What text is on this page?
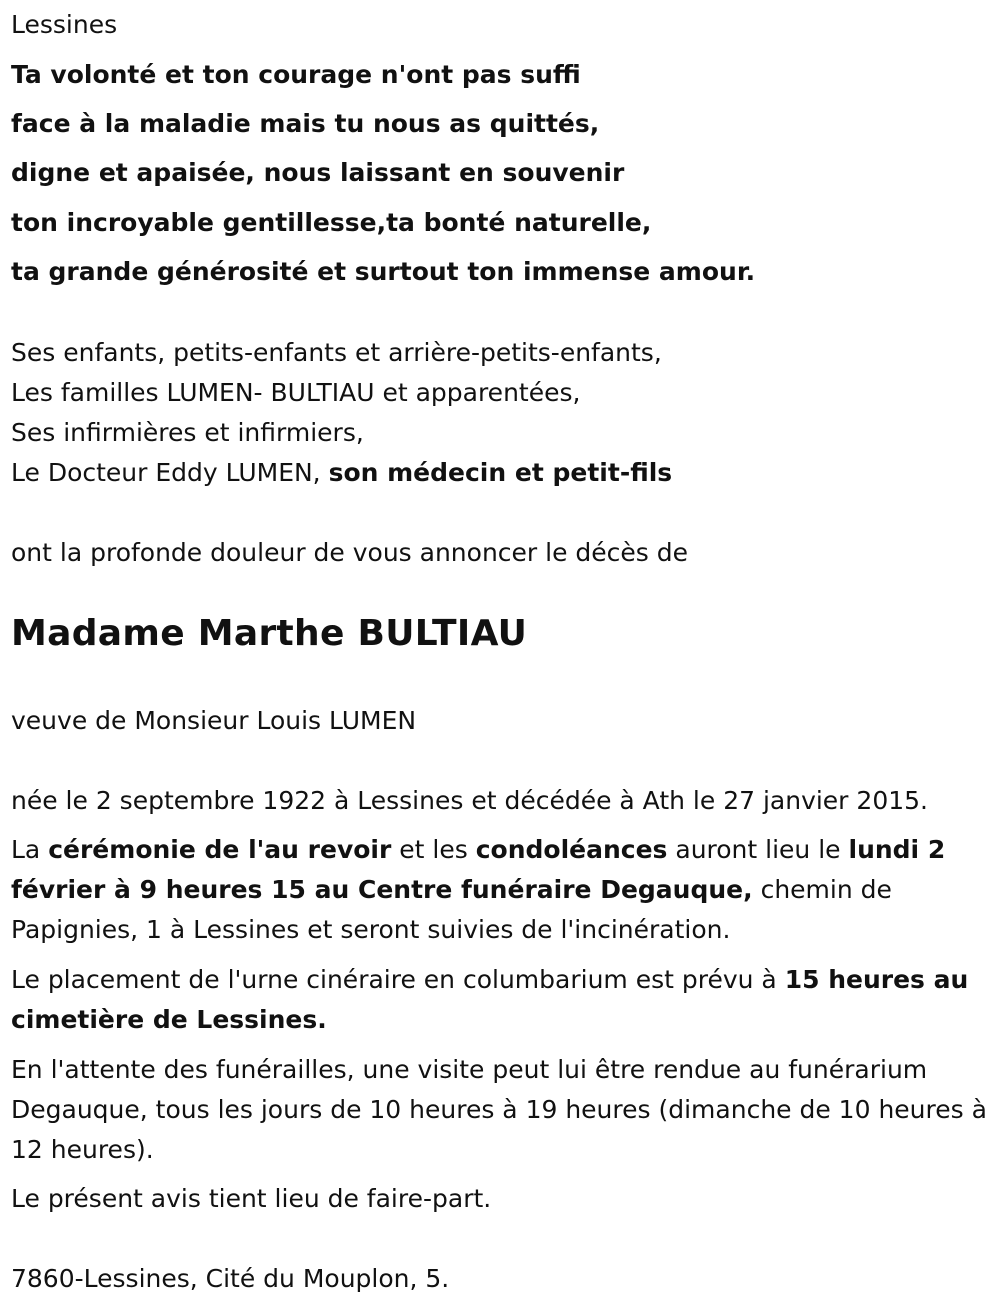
Lessines

Ta volonté et ton courage n'ont pas suffi

face à la maladie mais tu nous as quittés,

digne et apaisée, nous laissant en souvenir

ton incroyable gentillesse,ta bonté naturelle,

ta grande générosité et surtout ton immense amour.

Ses enfants, petits-enfants et arrière-petits-enfants,

Les familles LUMEN- BULTIAU et apparentées,

Ses infirmières et infirmiers,

Le Docteur Eddy LUMEN, son médecin et petit-fils

ont la profonde douleur de vous annoncer le décès de

Madame Marthe BULTIAU

veuve de Monsieur Louis LUMEN

née le 2 septembre 1922 à Lessines et décédée à Ath le 27 janvier 2015.

La cérémonie de l'au revoir et les condoléances auront lieu le lundi 2 février à 9 heures 15 au Centre funéraire Degauque, chemin de Papignies, 1 à Lessines et seront suivies de l'incinération.

Le placement de l'urne cinéraire en columbarium est prévu à 15 heures au cimetière de Lessines.

En l'attente des funérailles, une visite peut lui être rendue au funérarium Degauque, tous les jours de 10 heures à 19 heures (dimanche de 10 heures à 12 heures).

Le présent avis tient lieu de faire-part.

7860-Lessines, Cité du Mouplon, 5.
